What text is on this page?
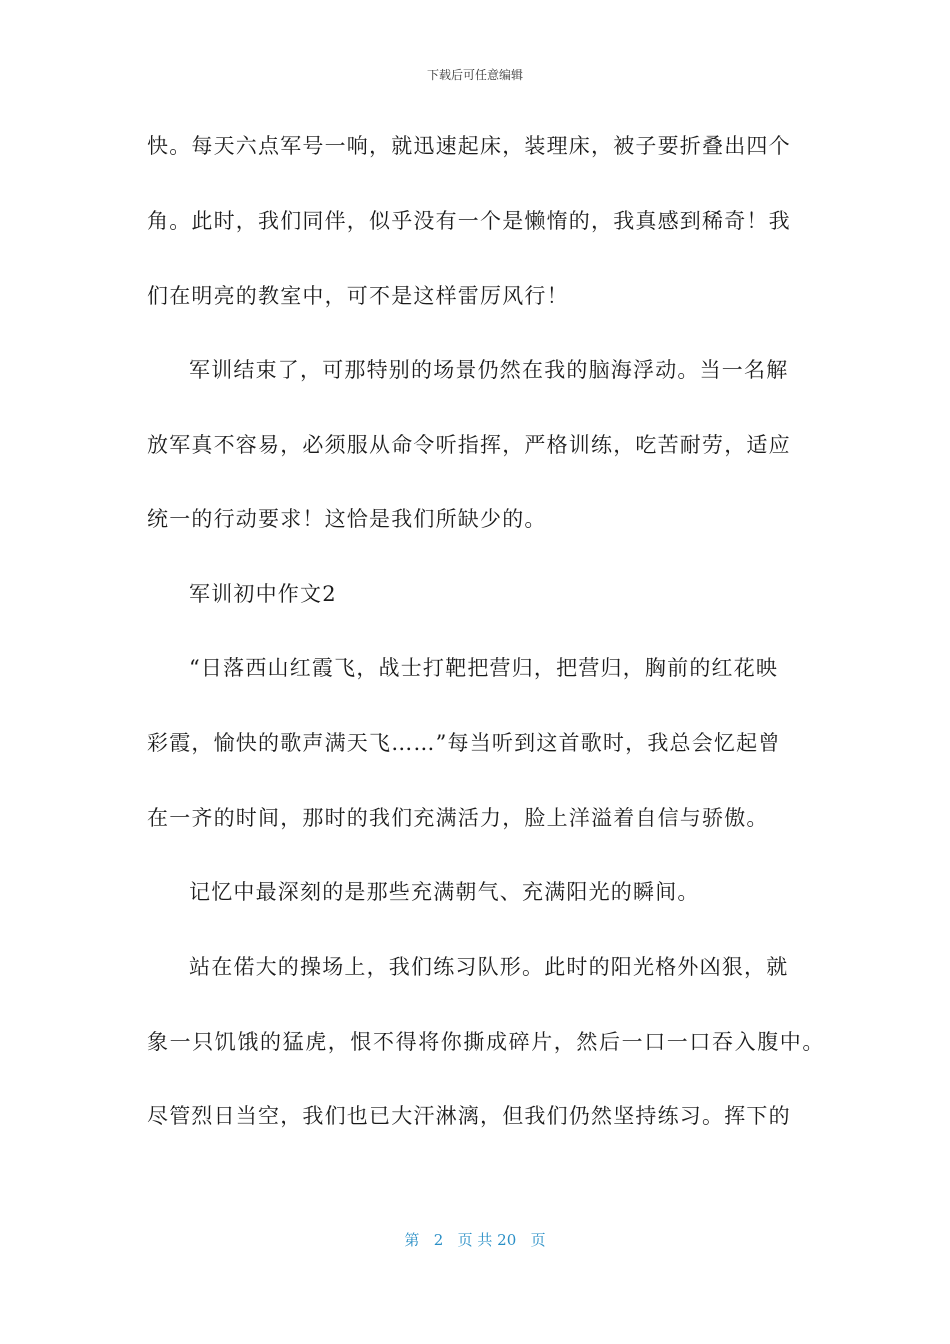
下载后可任意编辑
快。每天六点军号一响，就迅速起床，装理床，被子要折叠出四个
角。此时，我们同伴，似乎没有一个是懒惰的，我真感到稀奇！我
们在明亮的教室中，可不是这样雷厉风行！
军训结束了，可那特别的场景仍然在我的脑海浮动。当一名解
放军真不容易，必须服从命令听指挥，严格训练，吃苦耐劳，适应
统一的行动要求！这恰是我们所缺少的。
军训初中作文2
“日落西山红霞飞，战士打靶把营归，把营归，胸前的红花映
彩霞，愉快的歌声满天飞……”每当听到这首歌时，我总会忆起曾
在一齐的时间，那时的我们充满活力，脸上洋溢着自信与骄傲。
记忆中最深刻的是那些充满朝气、充满阳光的瞬间。
站在偌大的操场上，我们练习队形。此时的阳光格外凶狠，就
象一只饥饿的猛虎，恨不得将你撕成碎片，然后一口一口吞入腹中。
尽管烈日当空，我们也已大汗淋漓，但我们仍然坚持练习。挥下的
第 2 页 共 20 页
